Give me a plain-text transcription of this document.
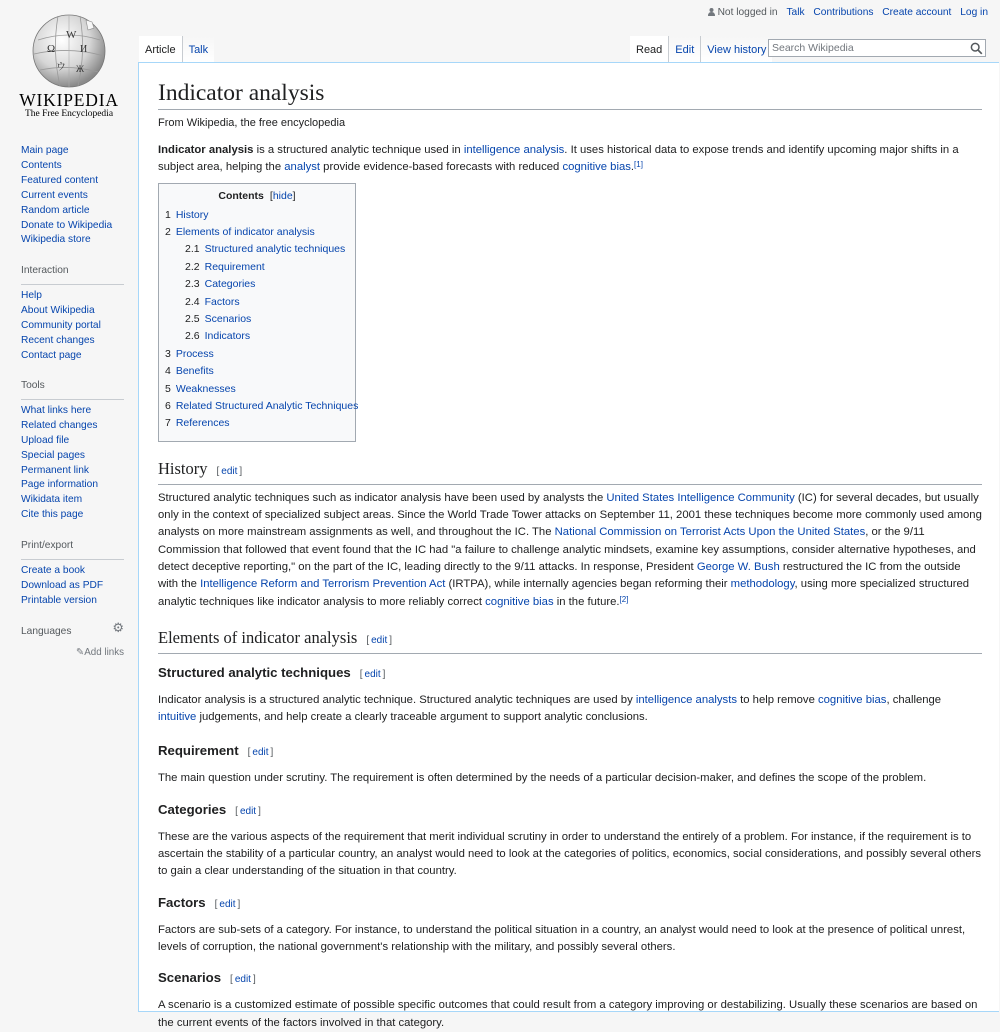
Ω
W
И
ウ Ж
WIKIPEDIA
The Free Encyclopedia
Main page
Contents
Featured content
Current events
Random article
Donate to Wikipedia
Wikipedia store
Interaction
Help
About Wikipedia
Community portal
Recent changes
Contact page
Tools
What links here
Related changes
Upload file
Special pages
Permanent link
Page information
Wikidata item
Cite this page
Print/export
Create a book
Download as PDF
Printable version
Languages	⚙
✎Add links
Not logged in Talk Contributions Create account Log in
Article Talk	Read Edit View history
Search Wikipedia
Indicator analysis
From Wikipedia, the free encyclopedia

Indicator analysis is a structured analytic technique used in intelligence analysis. It uses historical data to expose trends and identify upcoming major shifts in a subject area, helping the analyst provide evidence-based forecasts with reduced cognitive bias.[1]

Contents [hide]
1 History
2 Elements of indicator analysis
2.1 Structured analytic techniques
2.2 Requirement
2.3 Categories
2.4 Factors
2.5 Scenarios
2.6 Indicators
3 Process
4 Benefits
5 Weaknesses
6 Related Structured Analytic Techniques
7 References
History [ edit ]

Structured analytic techniques such as indicator analysis have been used by analysts the United States Intelligence Community (IC) for several decades, but usually only in the context of specialized subject areas. Since the World Trade Tower attacks on September 11, 2001 these techniques become more commonly used among analysts on more mainstream assignments as well, and throughout the IC. The National Commission on Terrorist Acts Upon the United States, or the 9/11 Commission that followed that event found that the IC had "a failure to challenge analytic mindsets, examine key assumptions, consider alternative hypotheses, and detect deceptive reporting," on the part of the IC, leading directly to the 9/11 attacks. In response, President George W. Bush restructured the IC from the outside with the Intelligence Reform and Terrorism Prevention Act (IRTPA), while internally agencies began reforming their methodology, using more specialized structured analytic techniques like indicator analysis to more reliably correct cognitive bias in the future.[2]

Elements of indicator analysis [ edit ]
Structured analytic techniques [ edit ]

Indicator analysis is a structured analytic technique. Structured analytic techniques are used by intelligence analysts to help remove cognitive bias, challenge intuitive judgements, and help create a clearly traceable argument to support analytic conclusions.

Requirement [ edit ]

The main question under scrutiny. The requirement is often determined by the needs of a particular decision-maker, and defines the scope of the problem.

Categories [ edit ]

These are the various aspects of the requirement that merit individual scrutiny in order to understand the entirely of a problem. For instance, if the requirement is to ascertain the stability of a particular country, an analyst would need to look at the categories of politics, economics, social considerations, and possibly several others to gain a clear understanding of the situation in that country.

Factors [ edit ]

Factors are sub-sets of a category. For instance, to understand the political situation in a country, an analyst would need to look at the presence of political unrest, levels of corruption, the national government's relationship with the military, and possibly several others.

Scenarios [ edit ]

A scenario is a customized estimate of possible specific outcomes that could result from a category improving or destabilizing. Usually these scenarios are based on the current events of the factors involved in that category.
